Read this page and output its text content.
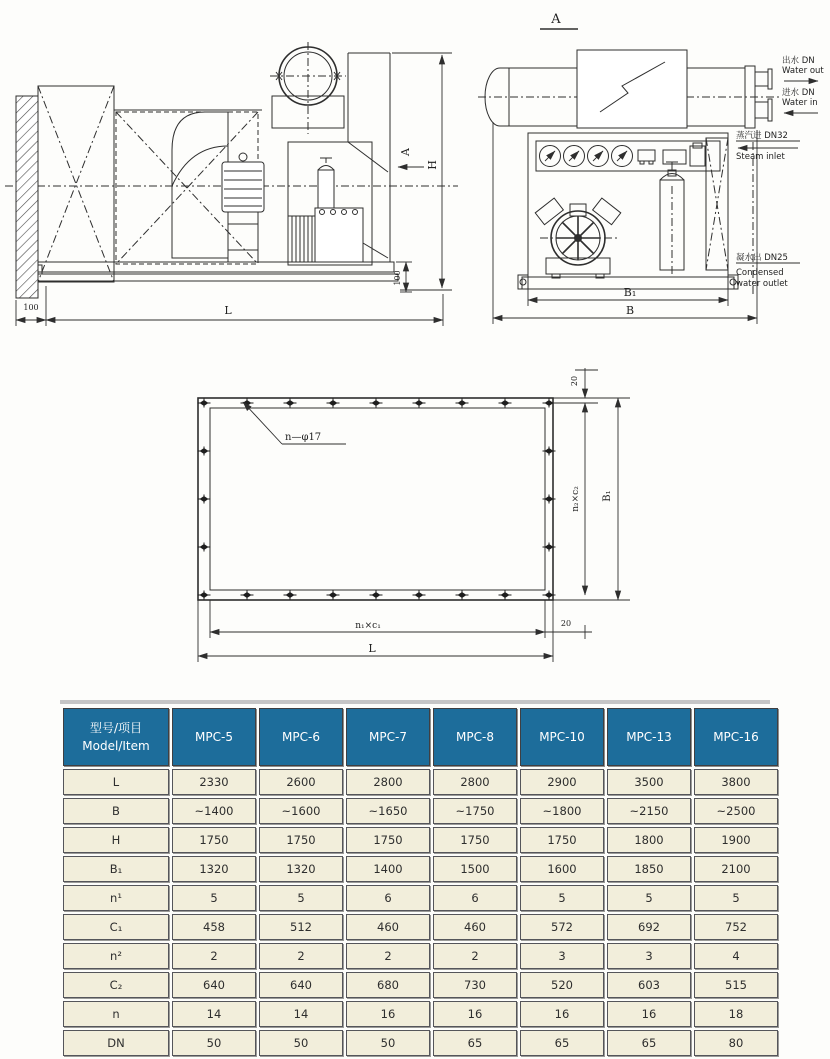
H
A
100
100	L
A
B₁
B
出水 DN
Water out
进水 DN
Water in
蒸汽进 DN32
Steam inlet
凝水出 DN25
Condensed
water outlet
n—φ17
20
n₂×c₂ B₁
n₁×c₁	20
L
型号/项目
Model/Item	MPC-5	MPC-6	MPC-7	MPC-8	MPC-10	MPC-13	MPC-16
L	2330	2600	2800	2800	2900	3500	3800
B	~1400	~1600	~1650	~1750	~1800	~2150	~2500
H	1750	1750	1750	1750	1750	1800	1900
B₁	1320	1320	1400	1500	1600	1850	2100
n¹	5	5	6	6	5	5	5
C₁	458	512	460	460	572	692	752
n²	2	2	2	2	3	3	4
C₂	640	640	680	730	520	603	515
n	14	14	16	16	16	16	18
DN	50	50	50	65	65	65	80
